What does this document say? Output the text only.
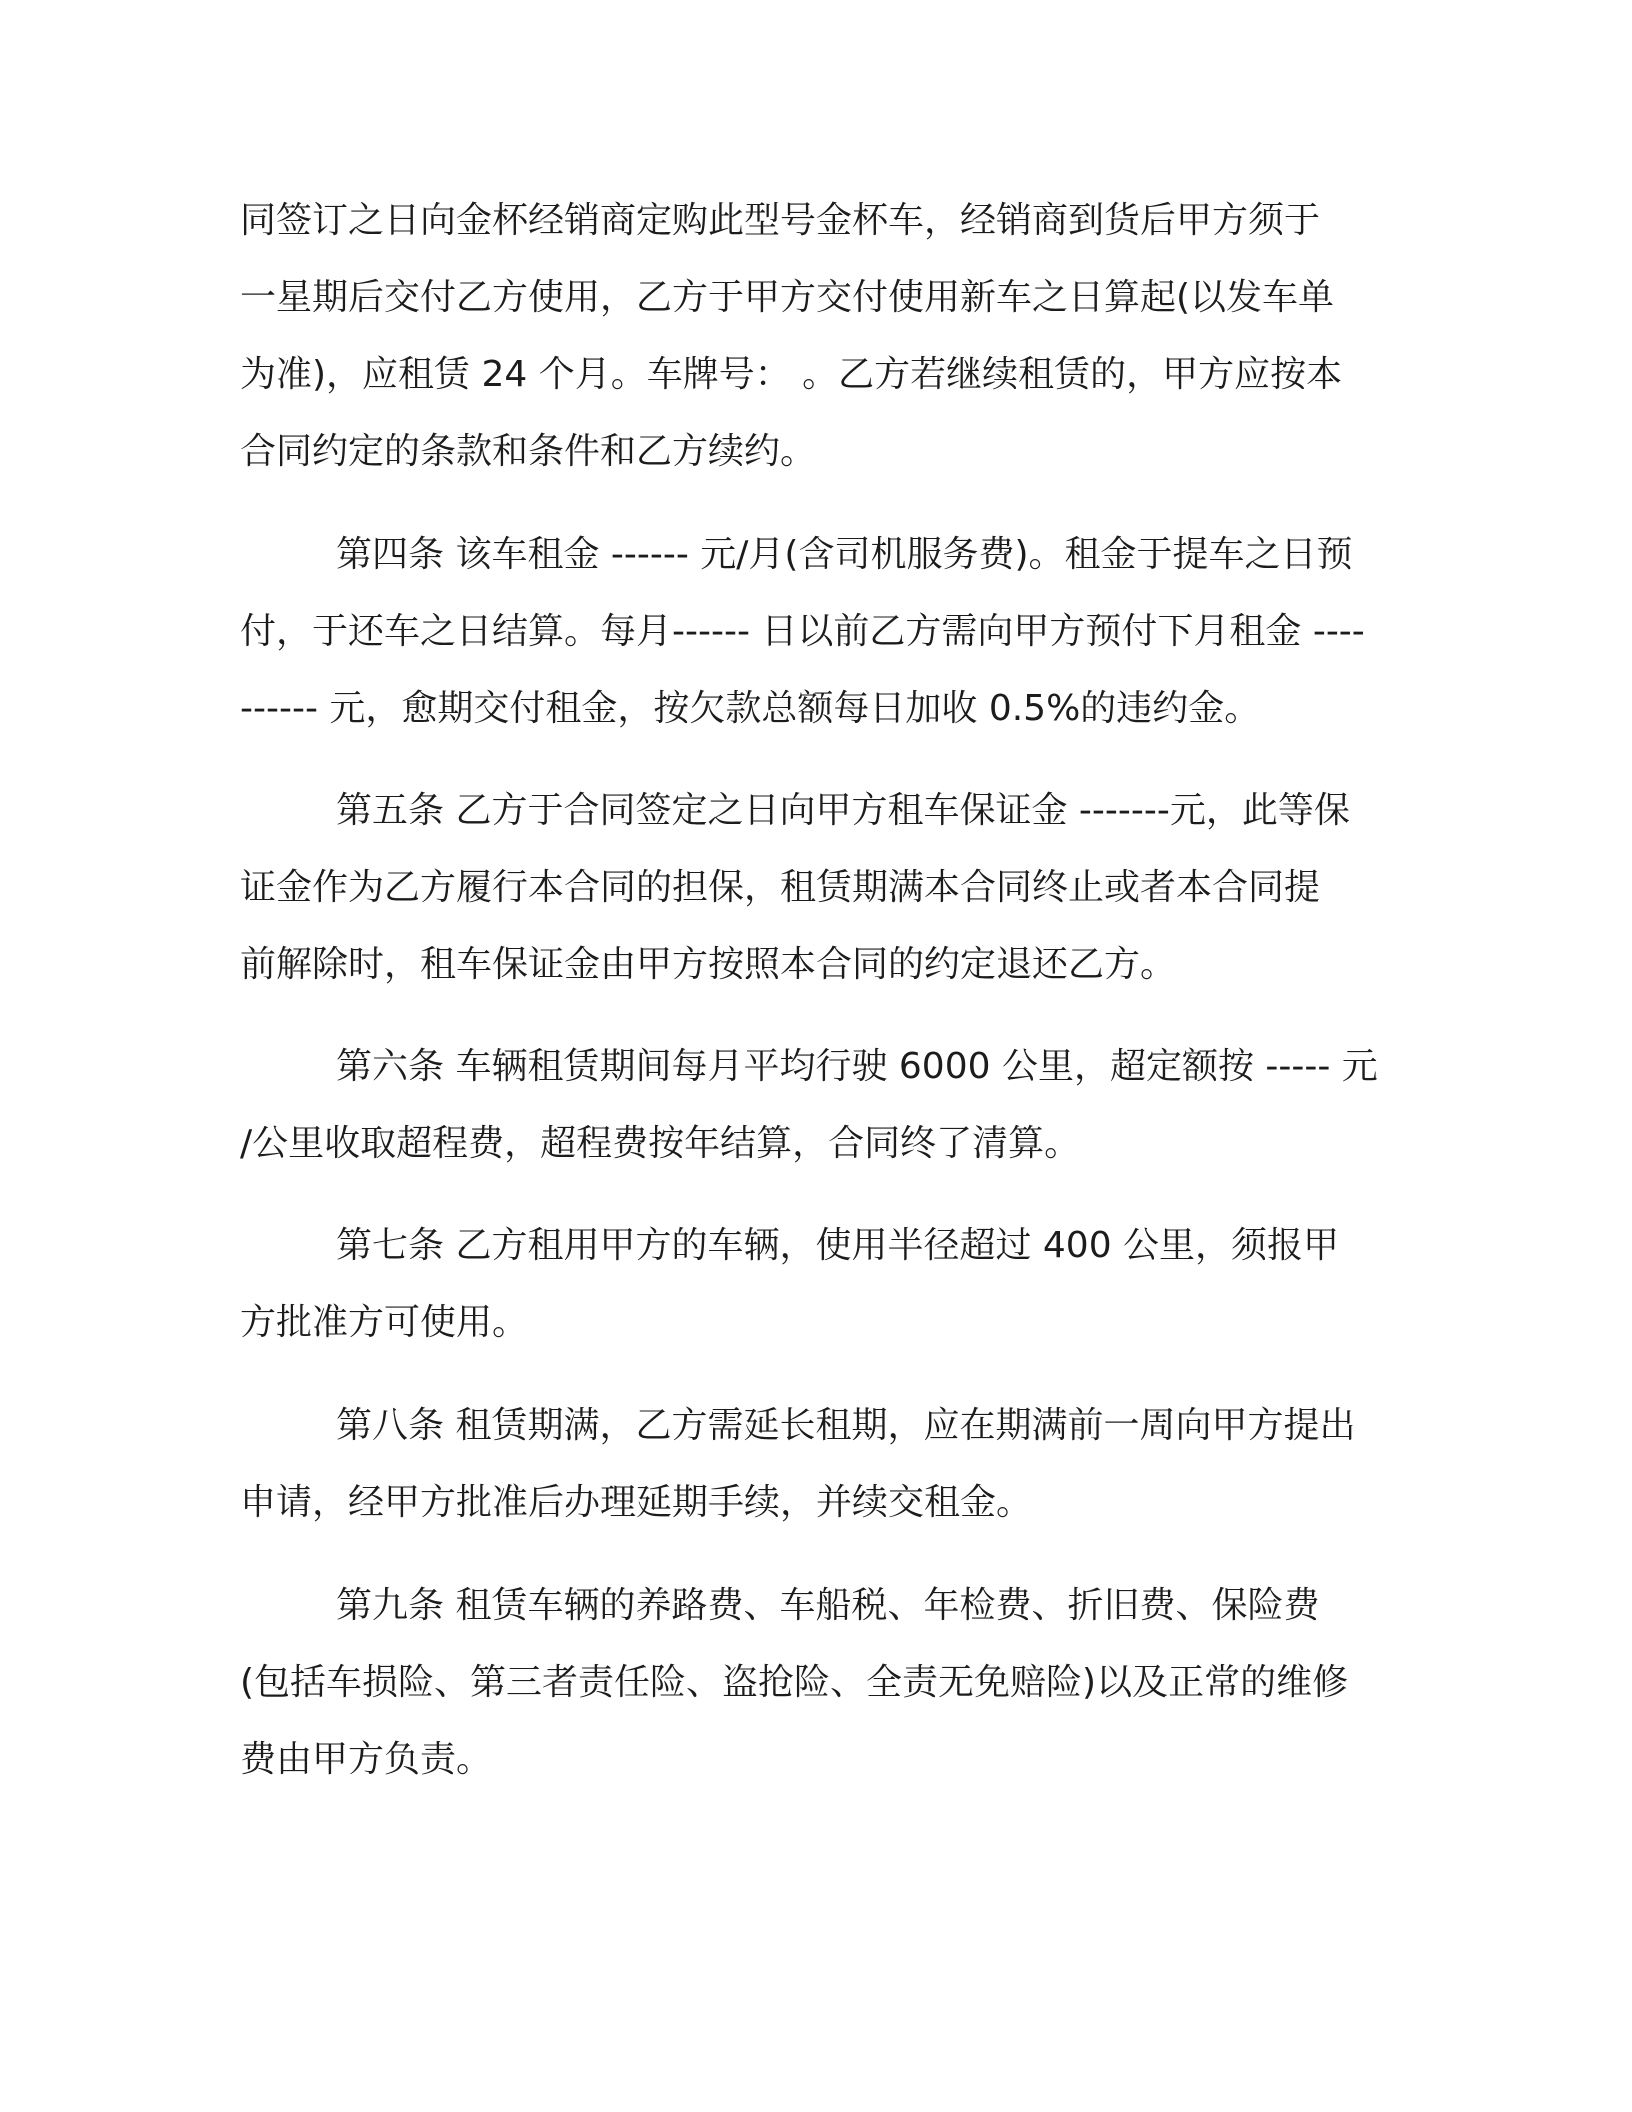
同签订之日向金杯经销商定购此型号金杯车，经销商到货后甲方须于
一星期后交付乙方使用，乙方于甲方交付使用新车之日算起(以发车单
为准)，应租赁 24 个月。车牌号： 。乙方若继续租赁的，甲方应按本
合同约定的条款和条件和乙方续约。
第四条 该车租金 ------ 元/月(含司机服务费)。租金于提车之日预
付，于还车之日结算。每月------ 日以前乙方需向甲方预付下月租金 ----
------ 元，愈期交付租金，按欠款总额每日加收 0.5%的违约金。
第五条 乙方于合同签定之日向甲方租车保证金 -------元，此等保
证金作为乙方履行本合同的担保，租赁期满本合同终止或者本合同提
前解除时，租车保证金由甲方按照本合同的约定退还乙方。
第六条 车辆租赁期间每月平均行驶 6000 公里，超定额按 ----- 元
/公里收取超程费，超程费按年结算，合同终了清算。
第七条 乙方租用甲方的车辆，使用半径超过 400 公里，须报甲
方批准方可使用。
第八条 租赁期满，乙方需延长租期，应在期满前一周向甲方提出
申请，经甲方批准后办理延期手续，并续交租金。
第九条 租赁车辆的养路费、车船税、年检费、折旧费、保险费
(包括车损险、第三者责任险、盗抢险、全责无免赔险)以及正常的维修
费由甲方负责。
